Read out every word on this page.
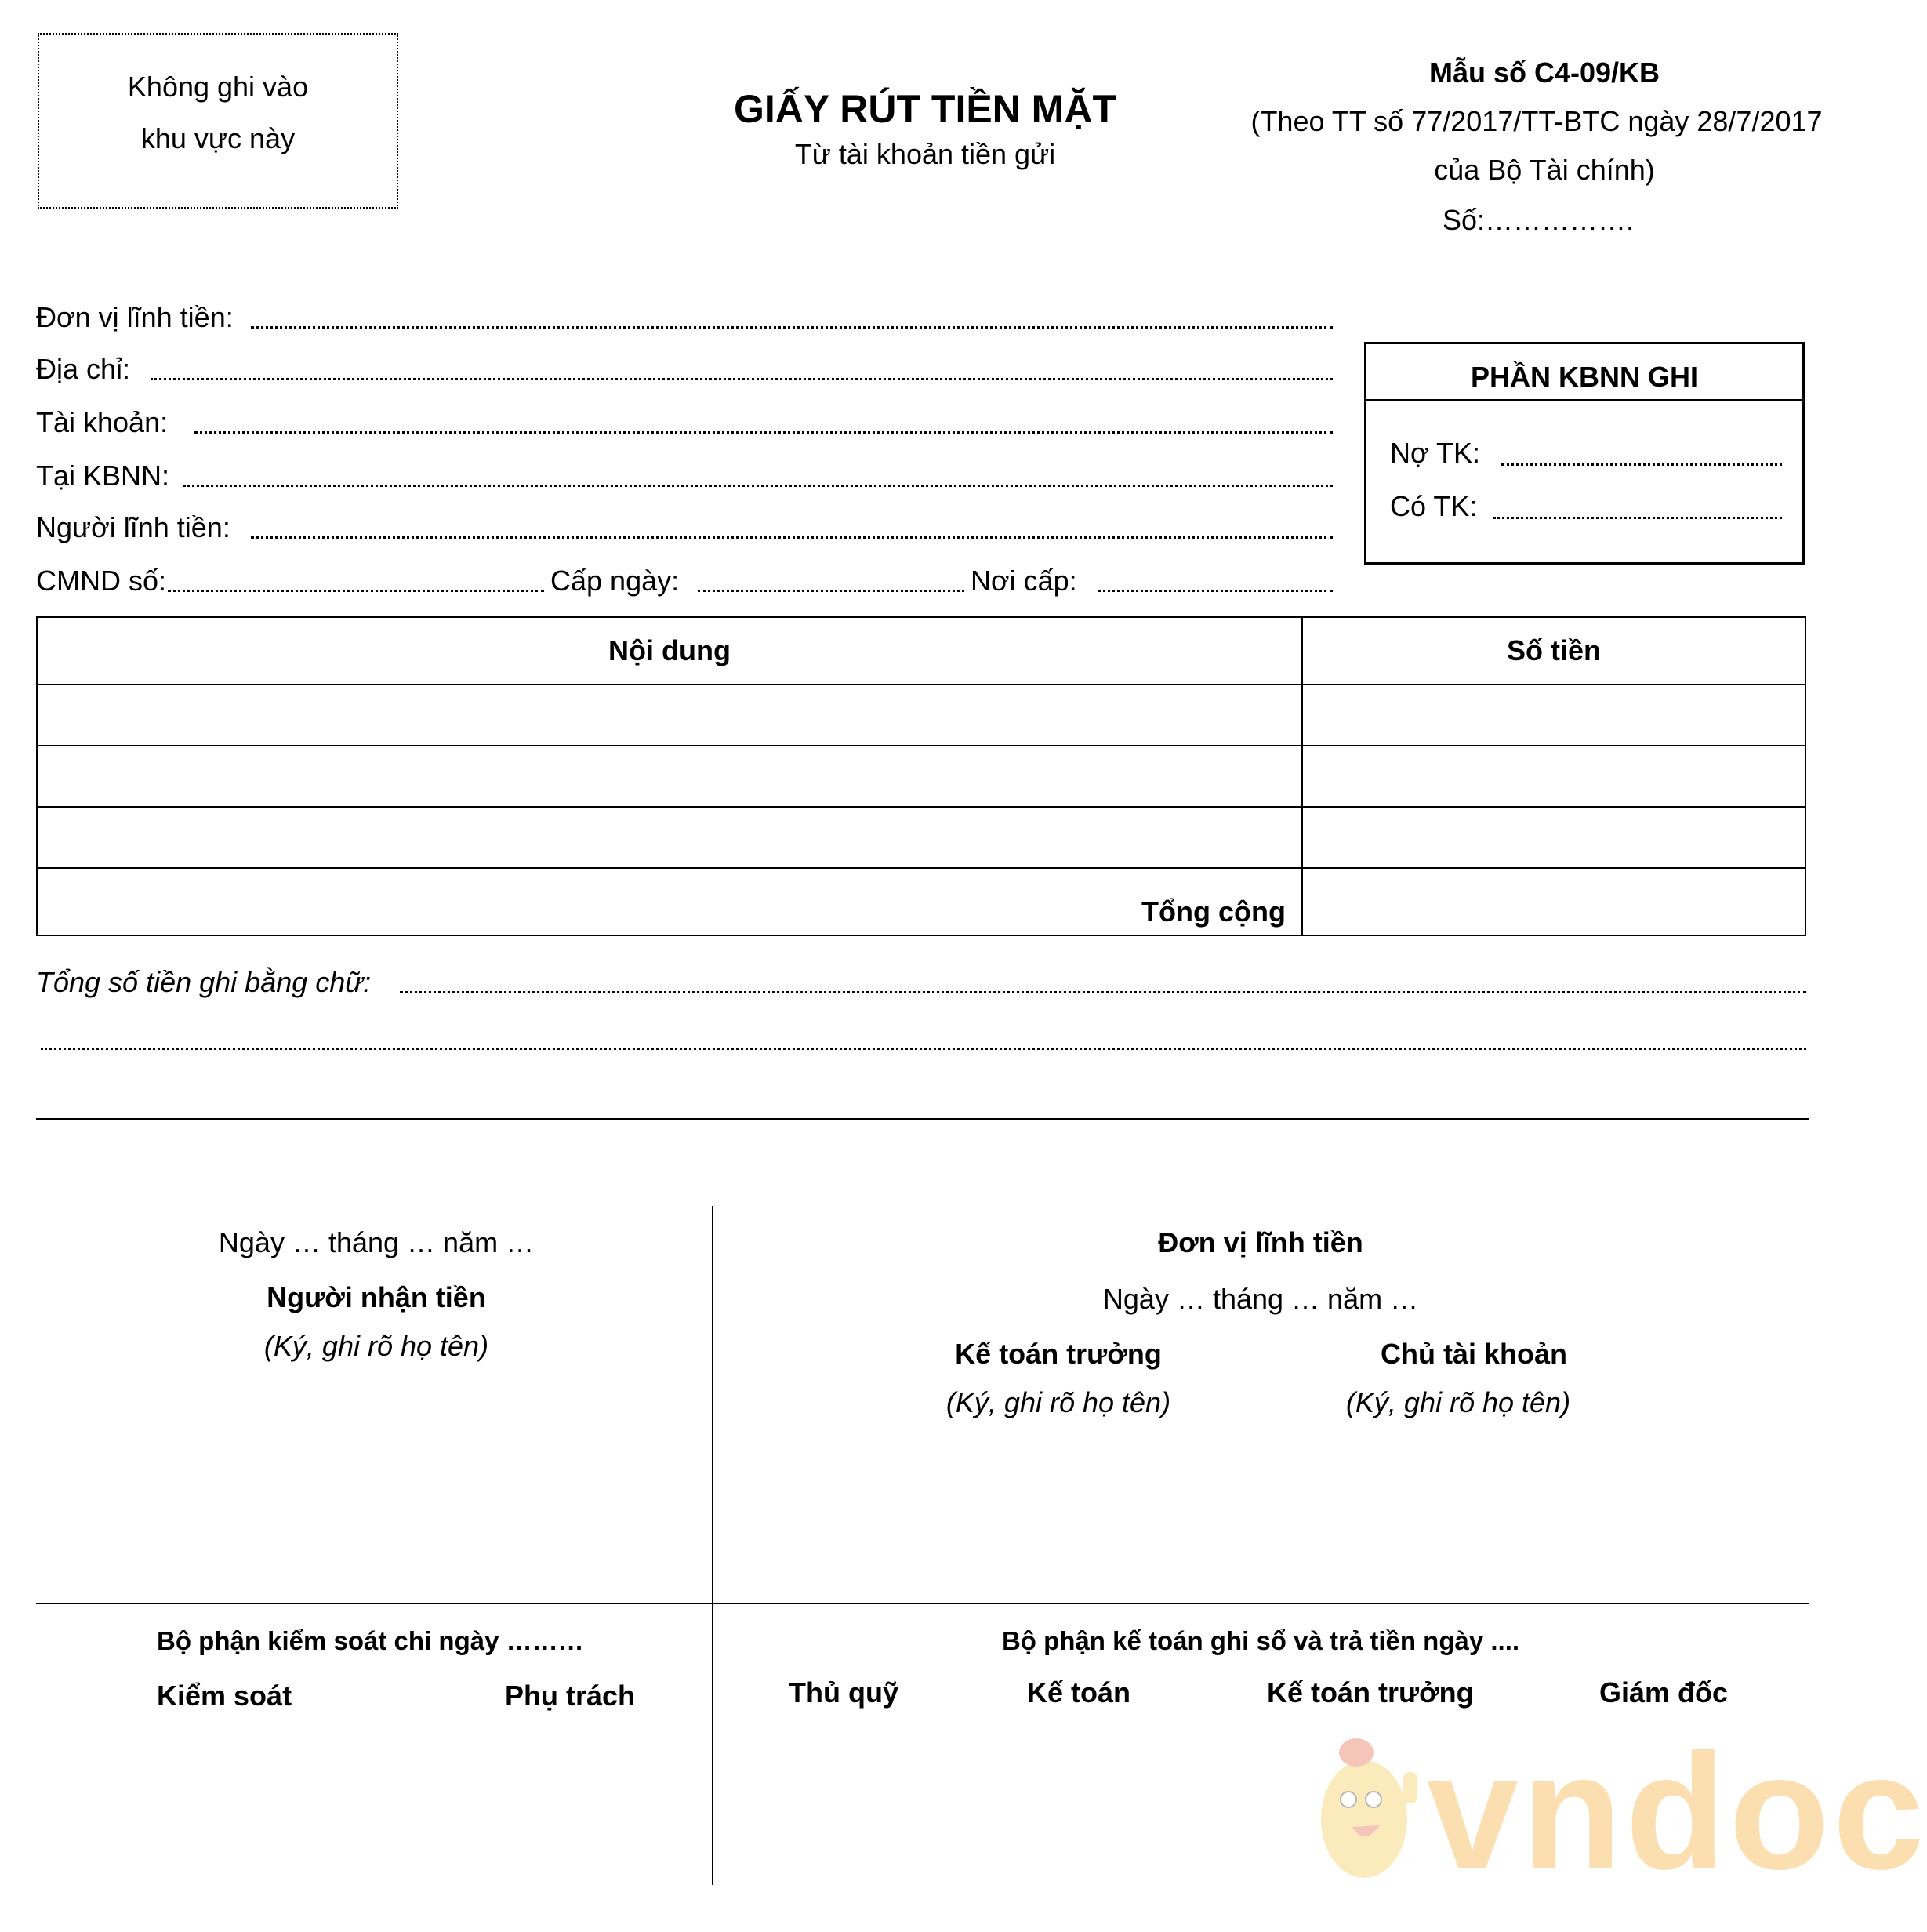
Không ghi vào
khu vực này
GIẤY RÚT TIỀN MẶT
Từ tài khoản tiền gửi
Mẫu số C4-09/KB
(Theo TT số 77/2017/TT-BTC ngày 28/7/2017
của Bộ Tài chính)
Số:…………….
Đơn vị lĩnh tiền:
Địa chỉ:
Tài khoản:
Tại KBNN:
Người lĩnh tiền:
CMND số:	Cấp ngày:	Nơi cấp:
PHẦN KBNN GHI
Nợ TK:
Có TK:
Nội dung	Số tiền

Tổng cộng	
Tổng số tiền ghi bằng chữ:
Ngày … tháng … năm …
Người nhận tiền
(Ký, ghi rõ họ tên)
Đơn vị lĩnh tiền
Ngày … tháng … năm …
Kế toán trưởng
(Ký, ghi rõ họ tên)
Chủ tài khoản
(Ký, ghi rõ họ tên)
Bộ phận kiểm soát chi ngày ………
Kiểm soát	Phụ trách
Bộ phận kế toán ghi sổ và trả tiền ngày ....
Thủ quỹ	Kế toán	Kế toán trưởng	Giám đốc
vndoc
